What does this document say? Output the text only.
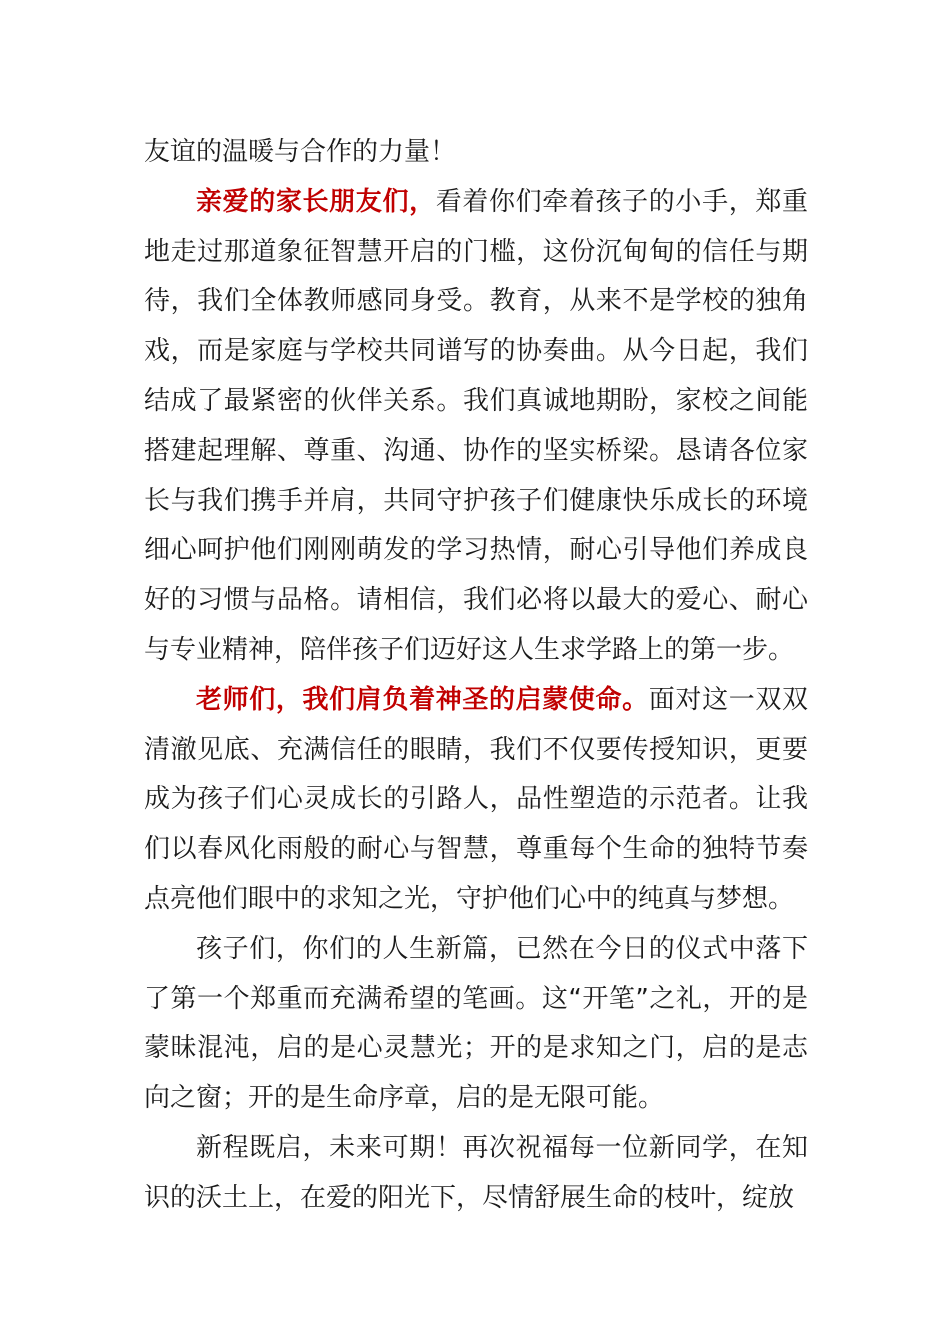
友谊的温暖与合作的力量！

亲爱的家长朋友们，看着你们牵着孩子的小手，郑重地走过那道象征智慧开启的门槛，这份沉甸甸的信任与期待，我们全体教师感同身受。教育，从来不是学校的独角戏，而是家庭与学校共同谱写的协奏曲。从今日起，我们结成了最紧密的伙伴关系。我们真诚地期盼，家校之间能搭建起理解、尊重、沟通、协作的坚实桥梁。恳请各位家长与我们携手并肩，共同守护孩子们健康快乐成长的环境细心呵护他们刚刚萌发的学习热情，耐心引导他们养成良好的习惯与品格。请相信，我们必将以最大的爱心、耐心与专业精神，陪伴孩子们迈好这人生求学路上的第一步。

老师们，我们肩负着神圣的启蒙使命。面对这一双双清澈见底、充满信任的眼睛，我们不仅要传授知识，更要成为孩子们心灵成长的引路人，品性塑造的示范者。让我们以春风化雨般的耐心与智慧，尊重每个生命的独特节奏点亮他们眼中的求知之光，守护他们心中的纯真与梦想。

孩子们，你们的人生新篇，已然在今日的仪式中落下了第一个郑重而充满希望的笔画。这“开笔”之礼，开的是蒙昧混沌，启的是心灵慧光；开的是求知之门，启的是志向之窗；开的是生命序章，启的是无限可能。

新程既启，未来可期！再次祝福每一位新同学，在知识的沃土上，在爱的阳光下，尽情舒展生命的枝叶，绽放
